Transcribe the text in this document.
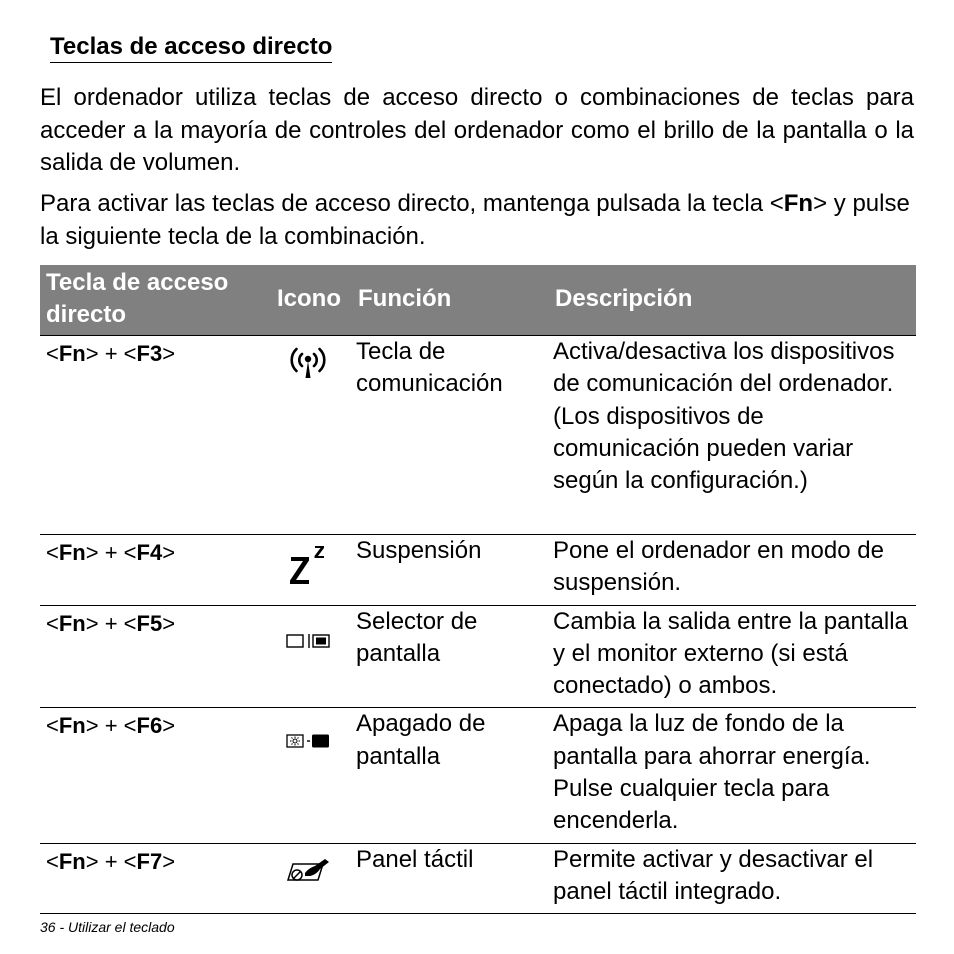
Teclas de acceso directo

El ordenador utiliza teclas de acceso directo o combinaciones de teclas para acceder a la mayoría de controles del ordenador como el brillo de la pantalla o la salida de volumen.

Para activar las teclas de acceso directo, mantenga pulsada la tecla <Fn> y pulse la siguiente tecla de la combinación.

Tecla de acceso directo	Icono	Función	Descripción
<Fn> + <F3>		Tecla de comunicación	Activa/desactiva los dispositivos de comunicación del ordenador. (Los dispositivos de comunicación pueden variar según la configuración.)
<Fn> + <F4>		Suspensión	Pone el ordenador en modo de suspensión.
<Fn> + <F5>		Selector de pantalla	Cambia la salida entre la pantalla y el monitor externo (si está conectado) o ambos.
<Fn> + <F6>		Apagado de pantalla	Apaga la luz de fondo de la pantalla para ahorrar energía. Pulse cualquier tecla para encenderla.
<Fn> + <F7>		Panel táctil	Permite activar y desactivar el panel táctil integrado.
36 - Utilizar el teclado
